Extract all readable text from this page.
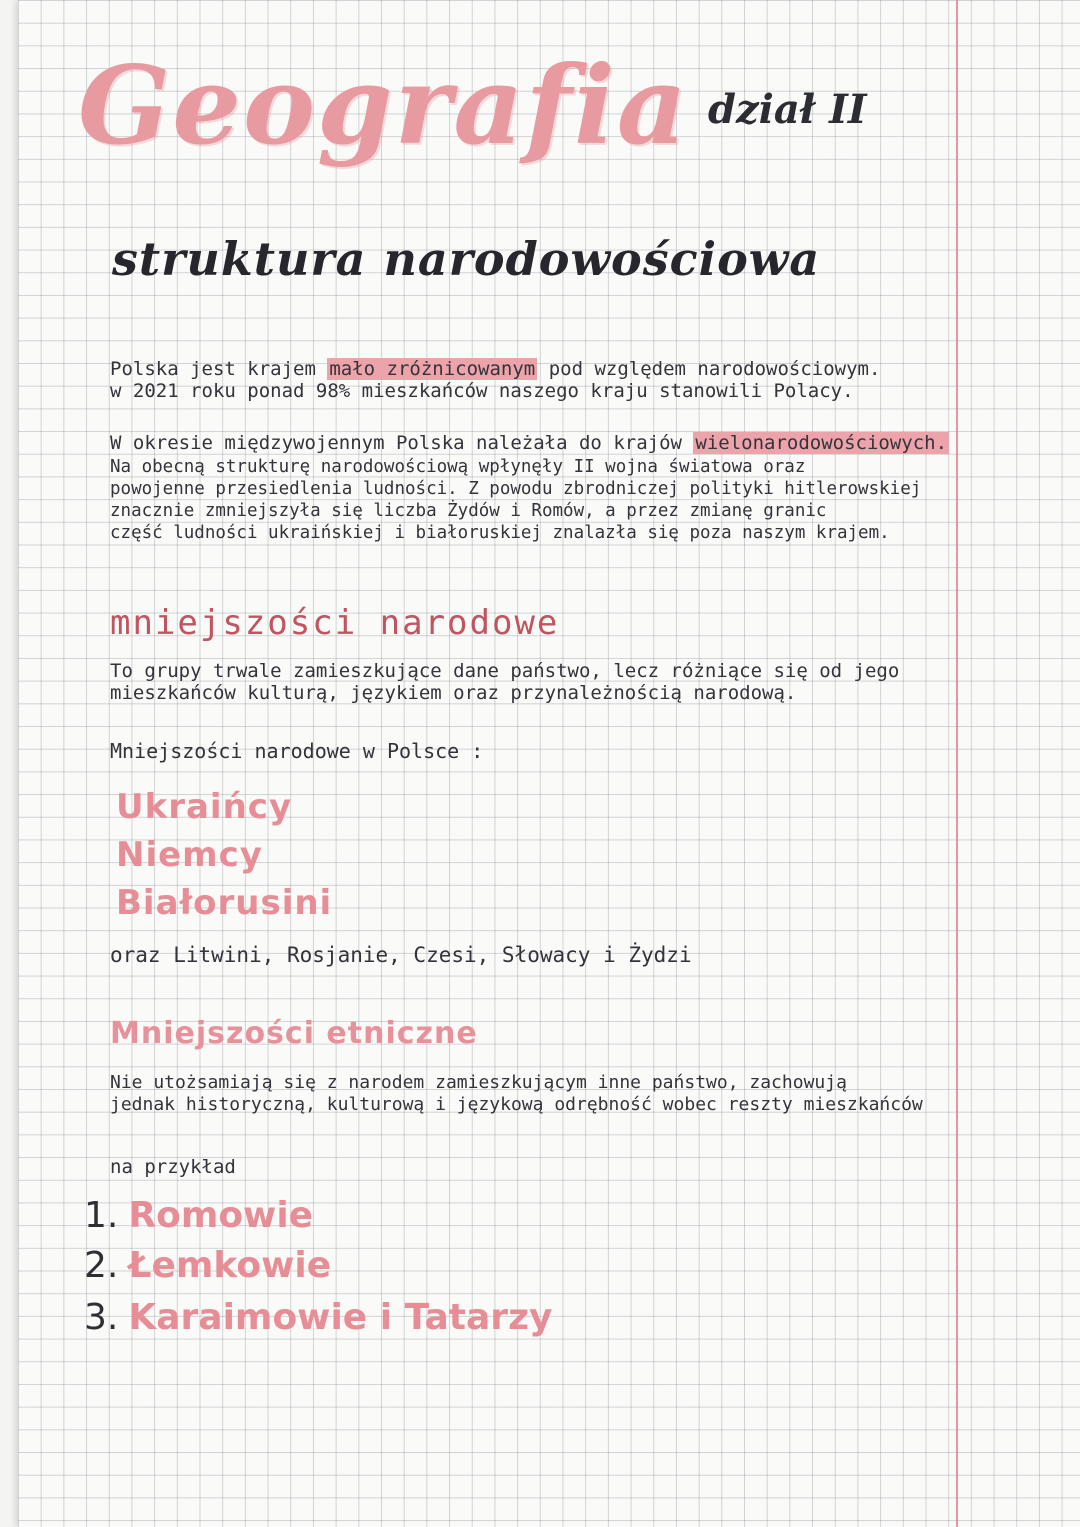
Geografia dział II
struktura narodowościowa

Polska jest krajem mało zróżnicowanym pod względem narodowościowym.

w 2021 roku ponad 98% mieszkańców naszego kraju stanowili Polacy.

W okresie międzywojennym Polska należała do krajów wielonarodowościowych.

Na obecną strukturę narodowościową wpłynęły II wojna światowa oraz
powojenne przesiedlenia ludności. Z powodu zbrodniczej polityki hitlerowskiej
znacznie zmniejszyła się liczba Żydów i Romów, a przez zmianę granic
część ludności ukraińskiej i białoruskiej znalazła się poza naszym krajem.
mniejszości narodowe
To grupy trwale zamieszkujące dane państwo, lecz różniące się od jego
mieszkańców kulturą, językiem oraz przynależnością narodową.
Mniejszości narodowe w Polsce :
Ukraińcy
Niemcy
Białorusini
oraz Litwini, Rosjanie, Czesi, Słowacy i Żydzi
Mniejszości etniczne
Nie utożsamiają się z narodem zamieszkującym inne państwo, zachowują
jednak historyczną, kulturową i językową odrębność wobec reszty mieszkańców
na przykład
1. Romowie
2. Łemkowie
3. Karaimowie i Tatarzy
